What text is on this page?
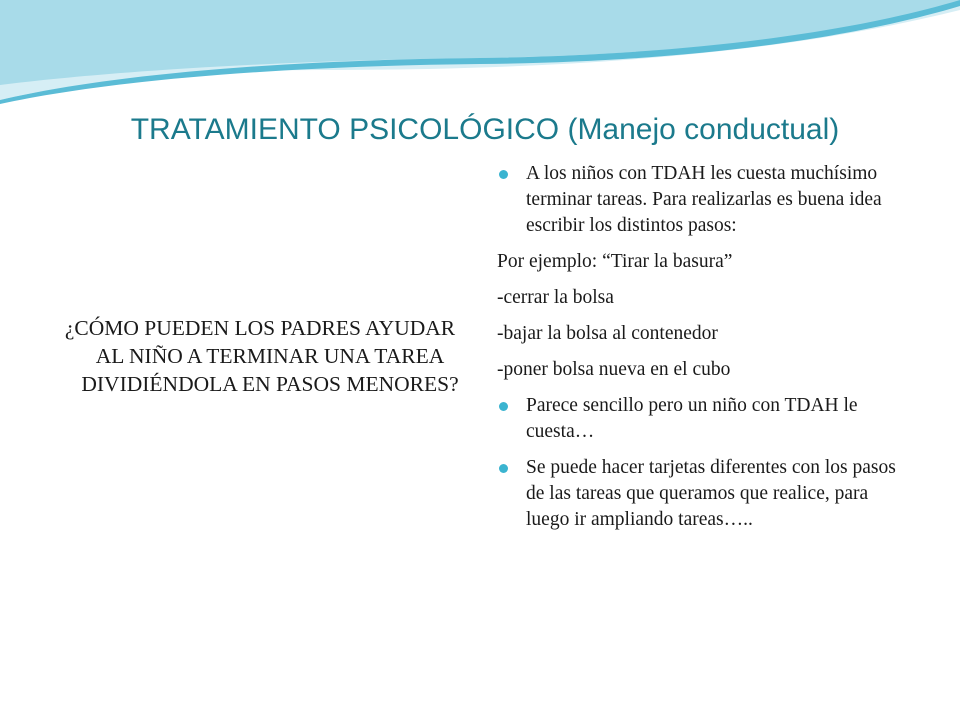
TRATAMIENTO PSICOLÓGICO (Manejo conductual)

¿CÓMO PUEDEN LOS PADRES AYUDAR AL NIÑO A TERMINAR UNA TAREA DIVIDIÉNDOLA EN PASOS MENORES?

A los niños con TDAH les cuesta muchísimo terminar tareas. Para realizarlas es buena idea escribir los distintos pasos:
Por ejemplo: “Tirar la basura”
-cerrar la bolsa
-bajar la bolsa al contenedor
-poner bolsa nueva en el cubo
Parece sencillo pero un niño con TDAH le cuesta…
Se puede hacer tarjetas diferentes con los pasos de las tareas que queramos que realice, para luego ir ampliando tareas…..
